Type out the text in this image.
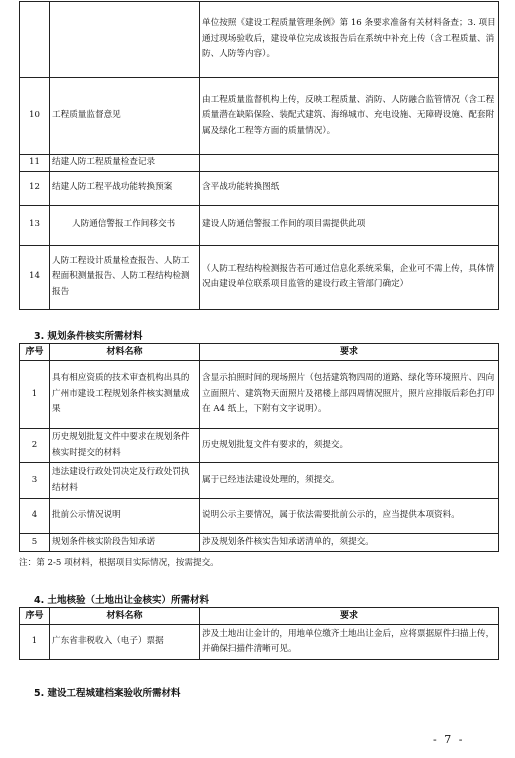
		单位按照《建设工程质量管理条例》第 16 条要求准备有关材料备查；3. 项目通过现场验收后，建设单位完成该报告后在系统中补充上传（含工程质量、消防、人防等内容）。
10	工程质量监督意见	由工程质量监督机构上传，反映工程质量、消防、人防融合监管情况（含工程质量潜在缺陷保险、装配式建筑、海绵城市、充电设施、无障碍设施、配套附属及绿化工程等方面的质量情况）。
11	结建人防工程质量检查记录	
12	结建人防工程平战功能转换预案	含平战功能转换图纸
13	人防通信警报工作间移交书	建设人防通信警报工作间的项目需提供此项
14	人防工程设计质量检查报告、人防工程面积测量报告、人防工程结构检测报告	（人防工程结构检测报告若可通过信息化系统采集，企业可不需上传，具体情况由建设单位联系项目监管的建设行政主管部门确定）
3. 规划条件核实所需材料
序号	材料名称	要求
1	具有相应资质的技术审查机构出具的广州市建设工程规划条件核实测量成果	含显示拍照时间的现场照片（包括建筑物四周的道路、绿化等环境照片、四向立面照片、建筑物天面照片及裙楼上部四周情况照片，照片应排版后彩色打印在 A4 纸上，下附有文字说明）。
2	历史规划批复文件中要求在规划条件核实时提交的材料	历史规划批复文件有要求的，须提交。
3	违法建设行政处罚决定及行政处罚执结材料	属于已经违法建设处理的，须提交。
4	批前公示情况说明	说明公示主要情况，属于依法需要批前公示的，应当提供本项资料。
5	规划条件核实阶段告知承诺	涉及规划条件核实告知承诺清单的，须提交。
注：第 2-5 项材料，根据项目实际情况，按需提交。
4. 土地核验（土地出让金核实）所需材料
序号	材料名称	要求
1	广东省非税收入（电子）票据	涉及土地出让金计的，用地单位缴齐土地出让金后，应将票据原件扫描上传，并确保扫描件清晰可见。
5. 建设工程城建档案验收所需材料
- 7 -
